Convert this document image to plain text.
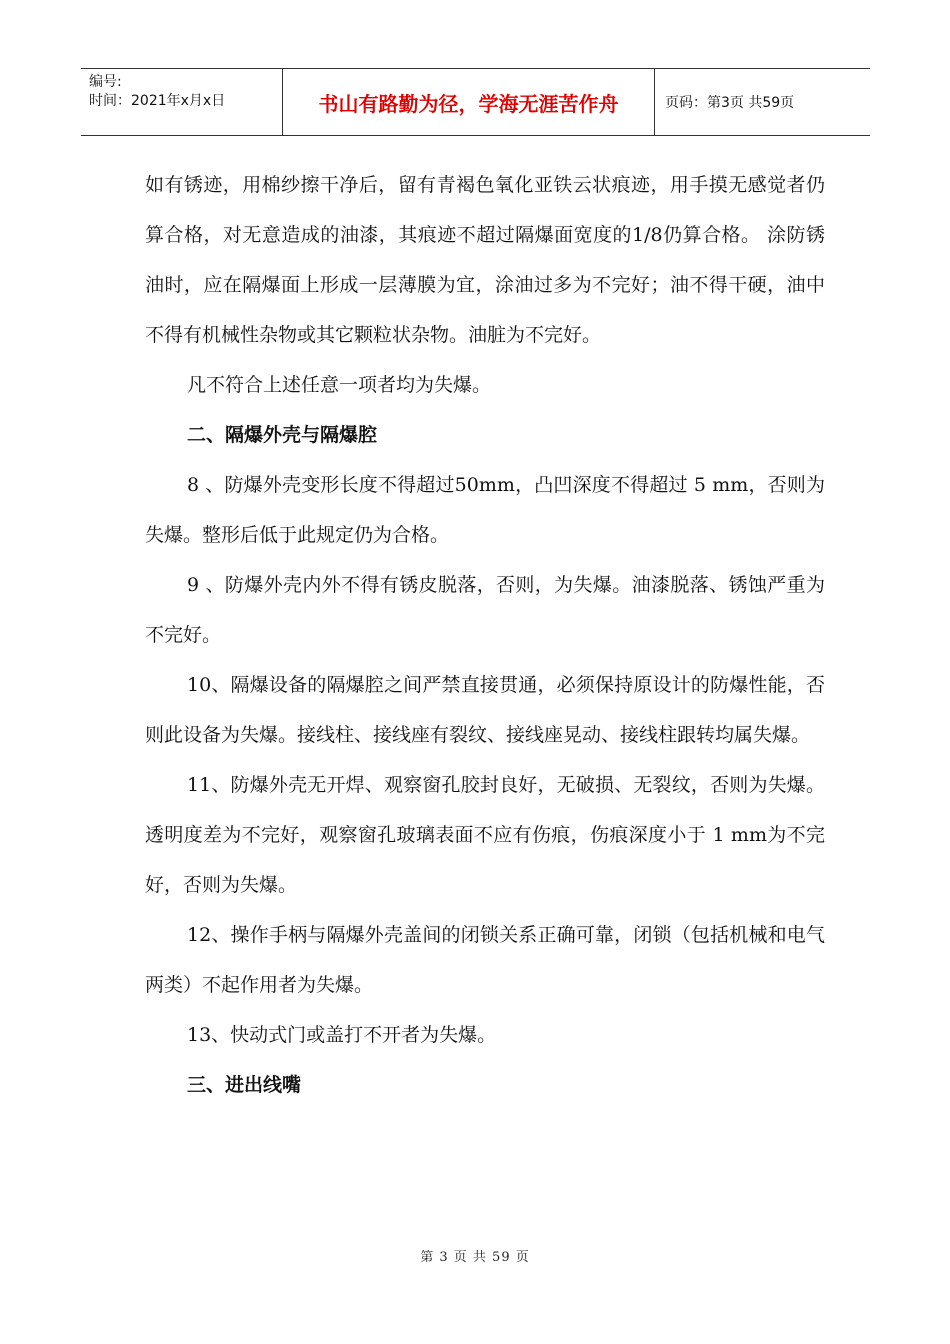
编号:
时间：2021年x月x日	书山有路勤为径，学海无涯苦作舟	页码：第3页 共59页

如有锈迹，用棉纱擦干净后，留有青褐色氧化亚铁云状痕迹，用手摸无感觉者仍算合格，对无意造成的油漆，其痕迹不超过隔爆面宽度的1/8仍算合格。 涂防锈油时，应在隔爆面上形成一层薄膜为宜，涂油过多为不完好；油不得干硬，油中不得有机械性杂物或其它颗粒状杂物。油脏为不完好。

凡不符合上述任意一项者均为失爆。

二、隔爆外壳与隔爆腔

8 、防爆外壳变形长度不得超过50mm，凸凹深度不得超过 5 mm，否则为失爆。整形后低于此规定仍为合格。

9 、防爆外壳内外不得有锈皮脱落，否则，为失爆。油漆脱落、锈蚀严重为不完好。

10、隔爆设备的隔爆腔之间严禁直接贯通，必须保持原设计的防爆性能，否则此设备为失爆。接线柱、接线座有裂纹、接线座晃动、接线柱跟转均属失爆。

11、防爆外壳无开焊、观察窗孔胶封良好，无破损、无裂纹，否则为失爆。透明度差为不完好，观察窗孔玻璃表面不应有伤痕，伤痕深度小于 1 mm为不完好，否则为失爆。

12、操作手柄与隔爆外壳盖间的闭锁关系正确可靠，闭锁（包括机械和电气两类）不起作用者为失爆。

13、快动式门或盖打不开者为失爆。

三、进出线嘴

第 3 页 共 59 页
